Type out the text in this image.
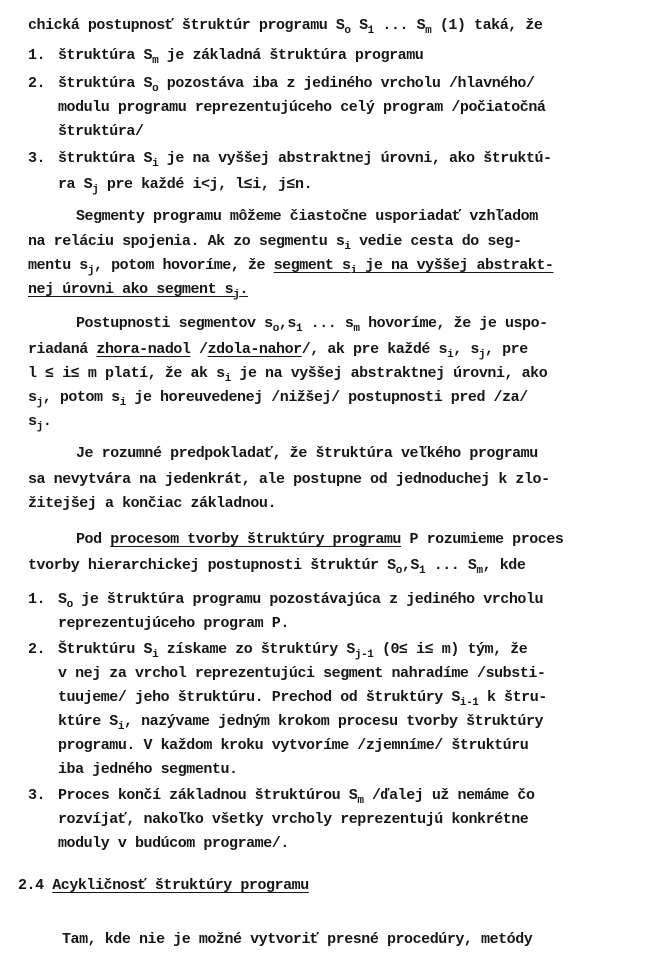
chická postupnosť štruktúr programu $S_o$ $S_1$ ... $S_m$ (1) taká, že
1. štruktúra $S_m$ je základná štruktúra programu
2. štruktúra $S_o$ pozostáva iba z jediného vrcholu /hlavného/
modulu programu reprezentujúceho celý program /počiatočná
štruktúra/
3. štruktúra $S_i$ je na vyššej abstraktnej úrovni, ako štruktú-
ra $S_j$ pre každé i<j, l≤i, j≤n.
Segmenty programu môžeme čiastočne usporiadať vzhľadom
na reláciu spojenia. Ak zo segmentu $s_i$ vedie cesta do seg-
mentu $s_j$, potom hovoríme, že segment $s_i$ je na vyššej abstrakt-
nej úrovni ako segment $s_j$.
Postupnosti segmentov $s_o,s_1$ ... $s_m$ hovoríme, že je uspo-
riadaná zhora-nadol /zdola-nahor/, ak pre každé $s_i$, $s_j$, pre
l ≤ i≤ m platí, že ak $s_i$ je na vyššej abstraktnej úrovni, ako
$s_j$, potom $s_i$ je horeuvedenej /nižšej/ postupnosti pred /za/
$s_j$.
Je rozumné predpokladať, že štruktúra veľkého programu
sa nevytvára na jedenkrát, ale postupne od jednoduchej k zlo-
žitejšej a končiac základnou.
Pod procesom tvorby štruktúry programu P rozumieme proces
tvorby hierarchickej postupnosti štruktúr $S_o,S_1$ ... $S_m$, kde
1. $S_o$ je štruktúra programu pozostávajúca z jediného vrcholu
reprezentujúceho program P.
2. Štruktúru $S_i$ získame zo štruktúry $S_{j-1}$ (0≤ i≤ m) tým, že
v nej za vrchol reprezentujúci segment nahradíme /substi-
tuujeme/ jeho štruktúru. Prechod od štruktúry $S_{i-1}$ k štru-
ktúre $S_i$, nazývame jedným krokom procesu tvorby štruktúry
programu. V každom kroku vytvoríme /zjemníme/ štruktúru
iba jedného segmentu.
3. Proces končí základnou štruktúrou $S_m$ /ďalej už nemáme čo
rozvíjať, nakoľko všetky vrcholy reprezentujú konkrétne
moduly v budúcom programe/.
2.4 Acykličnosť štruktúry programu
Tam, kde nie je možné vytvoriť presné procedúry, metódy
